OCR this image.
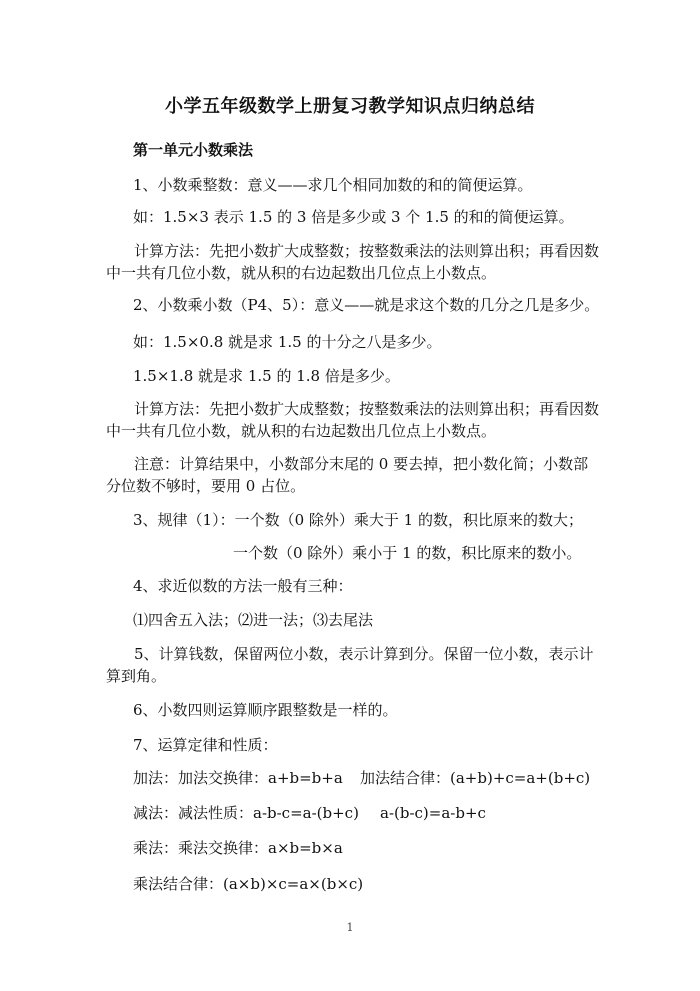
小学五年级数学上册复习教学知识点归纳总结
第一单元小数乘法
1、小数乘整数：意义——求几个相同加数的和的简便运算。
如：1.5×3 表示 1.5 的 3 倍是多少或 3 个 1.5 的和的简便运算。
计算方法：先把小数扩大成整数；按整数乘法的法则算出积；再看因数中一共有几位小数，就从积的右边起数出几位点上小数点。
2、小数乘小数（P4、5）：意义——就是求这个数的几分之几是多少。
如：1.5×0.8 就是求 1.5 的十分之八是多少。
1.5×1.8 就是求 1.5 的 1.8 倍是多少。
计算方法：先把小数扩大成整数；按整数乘法的法则算出积；再看因数中一共有几位小数，就从积的右边起数出几位点上小数点。
注意：计算结果中，小数部分末尾的 0 要去掉，把小数化简；小数部分位数不够时，要用 0 占位。
3、规律（1）：一个数（0 除外）乘大于 1 的数，积比原来的数大；
一个数（0 除外）乘小于 1 的数，积比原来的数小。
4、求近似数的方法一般有三种：
⑴四舍五入法；⑵进一法；⑶去尾法
5、计算钱数，保留两位小数，表示计算到分。保留一位小数，表示计算到角。
6、小数四则运算顺序跟整数是一样的。
7、运算定律和性质：
加法：加法交换律：a+b=b+a 加法结合律：(a+b)+c=a+(b+c)
减法：减法性质：a-b-c=a-(b+c) a-(b-c)=a-b+c
乘法：乘法交换律：a×b=b×a
乘法结合律：(a×b)×c=a×(b×c)
1
